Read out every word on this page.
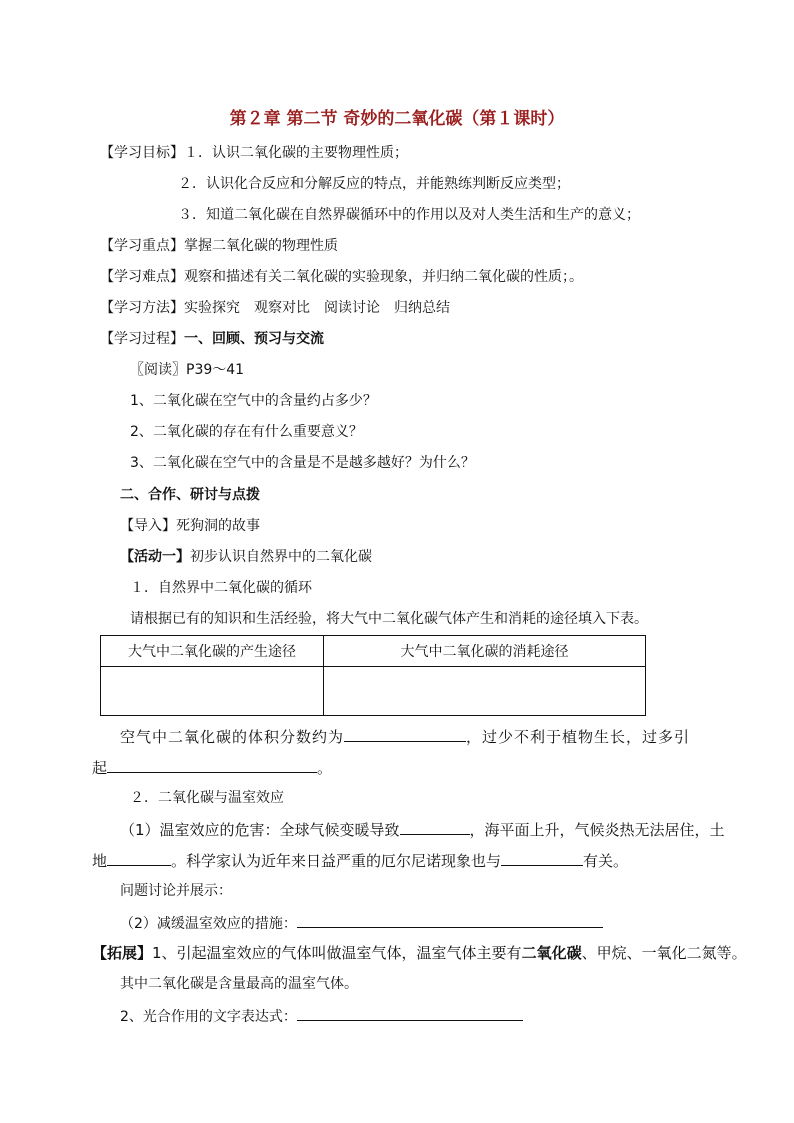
第２章 第二节 奇妙的二氧化碳（第１课时）
【学习目标】１．认识二氧化碳的主要物理性质；
２．认识化合反应和分解反应的特点，并能熟练判断反应类型；
３．知道二氧化碳在自然界碳循环中的作用以及对人类生活和生产的意义；
【学习重点】掌握二氧化碳的物理性质
【学习难点】观察和描述有关二氧化碳的实验现象，并归纳二氧化碳的性质；。
【学习方法】实验探究　观察对比　阅读讨论　归纳总结
【学习过程】一、回顾、预习与交流
〖阅读〗P39～41
1、二氧化碳在空气中的含量约占多少？
2、二氧化碳的存在有什么重要意义？
3、二氧化碳在空气中的含量是不是越多越好？为什么？
二、合作、研讨与点拨
【导入】死狗洞的故事
【活动一】初步认识自然界中的二氧化碳
１．自然界中二氧化碳的循环
请根据已有的知识和生活经验，将大气中二氧化碳气体产生和消耗的途径填入下表。
大气中二氧化碳的产生途径	大气中二氧化碳的消耗途径

空气中二氧化碳的体积分数约为	，过少不利于植物生长，过多引
起	。
２．二氧化碳与温室效应
（1）温室效应的危害：全球气候变暖导致	，海平面上升，气候炎热无法居住，土
地	。科学家认为近年来日益严重的厄尔尼诺现象也与	有关。
问题讨论并展示：
（2）减缓温室效应的措施：
【拓展】1、引起温室效应的气体叫做温室气体，温室气体主要有二氧化碳、甲烷、一氧化二氮等。
其中二氧化碳是含量最高的温室气体。
2、光合作用的文字表达式：
